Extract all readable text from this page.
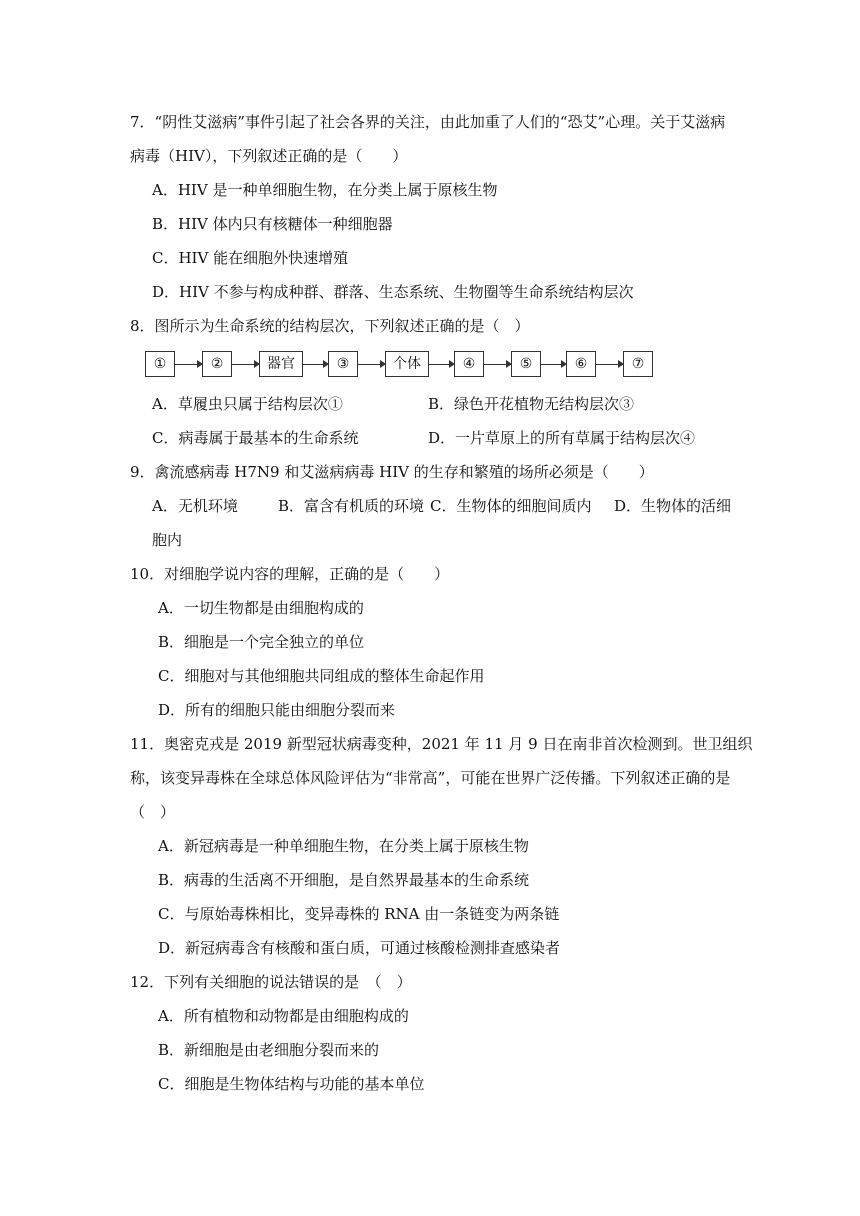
7．“阴性艾滋病”事件引起了社会各界的关注，由此加重了人们的“恐艾”心理。关于艾滋病
病毒（HIV），下列叙述正确的是（　　）
A．HIV 是一种单细胞生物，在分类上属于原核生物
B．HIV 体内只有核糖体一种细胞器
C．HIV 能在细胞外快速增殖
D．HIV 不参与构成种群、群落、生态系统、生物圈等生命系统结构层次
8．图所示为生命系统的结构层次，下列叙述正确的是（　）
①	②	器官	③	个体	④	⑤	⑥	⑦
A．草履虫只属于结构层次①	B．绿色开花植物无结构层次③
C．病毒属于最基本的生命系统	D．一片草原上的所有草属于结构层次④
9．禽流感病毒 H7N9 和艾滋病病毒 HIV 的生存和繁殖的场所必须是（　　）
A．无机环境	B．富含有机质的环境 C．生物体的细胞间质内 D．生物体的活细
胞内
10．对细胞学说内容的理解，正确的是（　　）
A．一切生物都是由细胞构成的
B．细胞是一个完全独立的单位
C．细胞对与其他细胞共同组成的整体生命起作用
D．所有的细胞只能由细胞分裂而来
11．奥密克戎是 2019 新型冠状病毒变种，2021 年 11 月 9 日在南非首次检测到。世卫组织
称，该变异毒株在全球总体风险评估为“非常高”，可能在世界广泛传播。下列叙述正确的是
（　）
A．新冠病毒是一种单细胞生物，在分类上属于原核生物
B．病毒的生活离不开细胞，是自然界最基本的生命系统
C．与原始毒株相比，变异毒株的 RNA 由一条链变为两条链
D．新冠病毒含有核酸和蛋白质，可通过核酸检测排查感染者
12．下列有关细胞的说法错误的是　（　）
A．所有植物和动物都是由细胞构成的
B．新细胞是由老细胞分裂而来的
C．细胞是生物体结构与功能的基本单位
